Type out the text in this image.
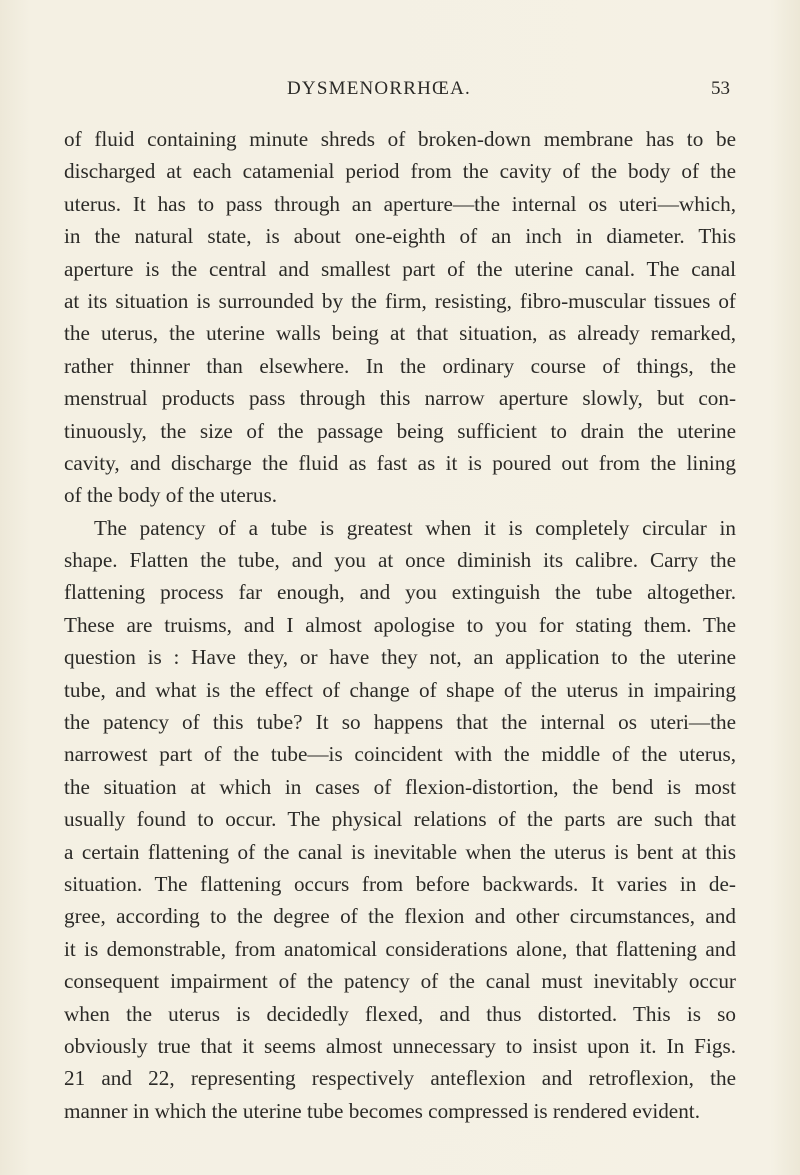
DYSMENORRHŒA.	53
of fluid containing minute shreds of broken-down membrane has to be
discharged at each catamenial period from the cavity of the body of the
uterus. It has to pass through an aperture—the internal os uteri—which,
in the natural state, is about one-eighth of an inch in diameter. This
aperture is the central and smallest part of the uterine canal. The canal
at its situation is surrounded by the firm, resisting, fibro-muscular tissues of
the uterus, the uterine walls being at that situation, as already remarked,
rather thinner than elsewhere. In the ordinary course of things, the
menstrual products pass through this narrow aperture slowly, but con-
tinuously, the size of the passage being sufficient to drain the uterine
cavity, and discharge the fluid as fast as it is poured out from the lining
of the body of the uterus.
The patency of a tube is greatest when it is completely circular in
shape. Flatten the tube, and you at once diminish its calibre. Carry the
flattening process far enough, and you extinguish the tube altogether.
These are truisms, and I almost apologise to you for stating them. The
question is : Have they, or have they not, an application to the uterine
tube, and what is the effect of change of shape of the uterus in impairing
the patency of this tube? It so happens that the internal os uteri—the
narrowest part of the tube—is coincident with the middle of the uterus,
the situation at which in cases of flexion-distortion, the bend is most
usually found to occur. The physical relations of the parts are such that
a certain flattening of the canal is inevitable when the uterus is bent at this
situation. The flattening occurs from before backwards. It varies in de-
gree, according to the degree of the flexion and other circumstances, and
it is demonstrable, from anatomical considerations alone, that flattening and
consequent impairment of the patency of the canal must inevitably occur
when the uterus is decidedly flexed, and thus distorted. This is so
obviously true that it seems almost unnecessary to insist upon it. In Figs.
21 and 22, representing respectively anteflexion and retroflexion, the
manner in which the uterine tube becomes compressed is rendered evident.
